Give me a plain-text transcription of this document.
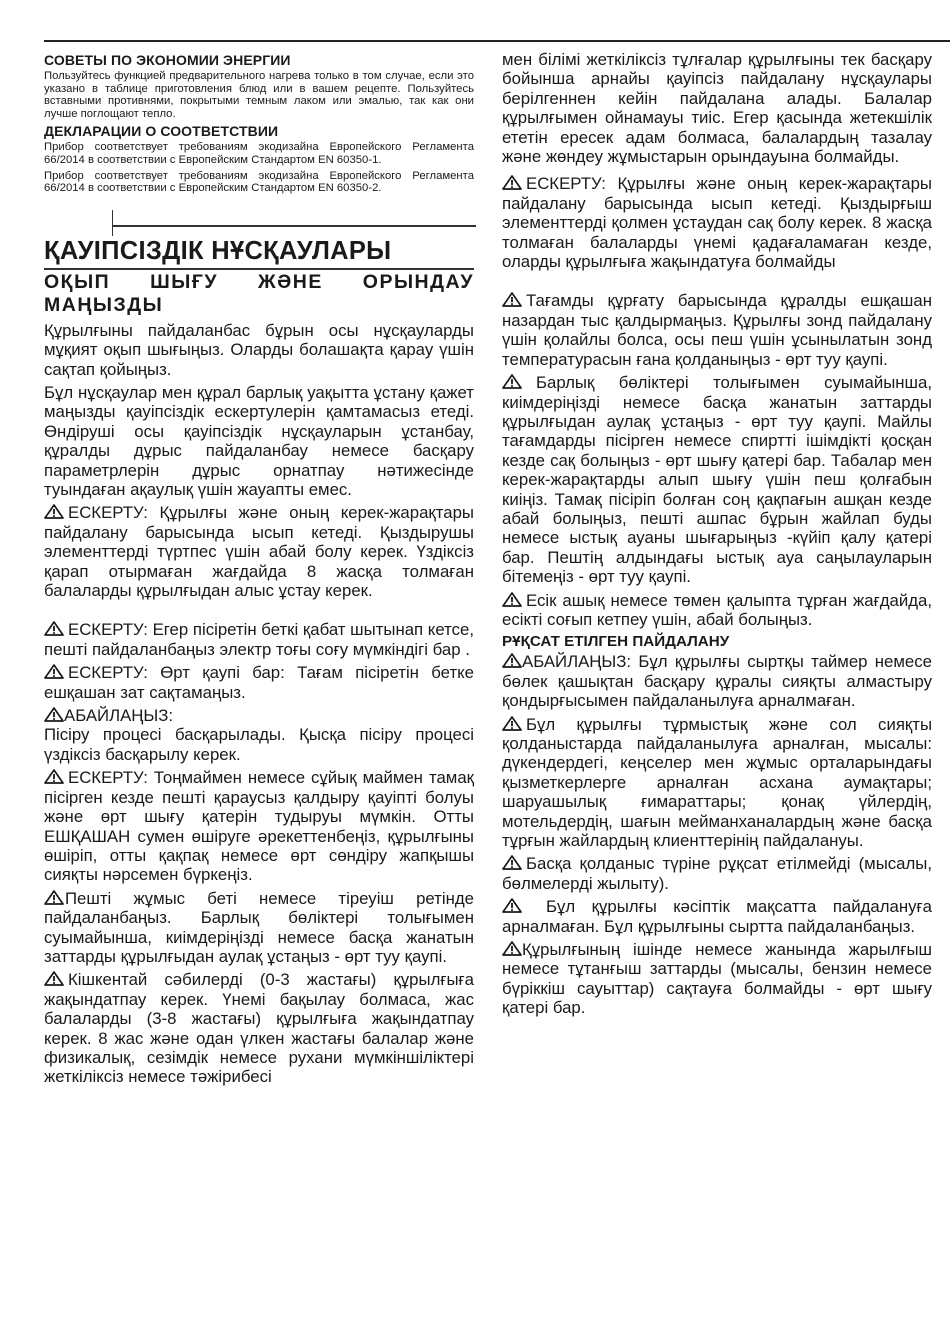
СОВЕТЫ ПО ЭКОНОМИИ ЭНЕРГИИ

Пользуйтесь функцией предварительного нагрева только в том случае, если это указано в таблице приготовления блюд или в вашем рецепте. Пользуйтесь вставными противнями, покрытыми темным лаком или эмалью, так как они лучше поглощают тепло.

ДЕКЛАРАЦИИ О СООТВЕТСТВИИ

Прибор соответствует требованиям экодизайна Европейского Регламента 66/2014 в соответствии с Европейским Стандартом EN 60350-1.

Прибор соответствует требованиям экодизайна Европейского Регламента 66/2014 в соответствии с Европейским Стандартом EN 60350-2.

ҚАУІПСІЗДІК НҰСҚАУЛАРЫ
ОҚЫП ШЫҒУ ЖӘНЕ ОРЫНДАУ МАҢЫЗДЫ

Құрылғыны пайдаланбас бұрын осы нұсқауларды мұқият оқып шығыңыз. Оларды болашақта қарау үшін сақтап қойыңыз.

Бұл нұсқаулар мен құрал барлық уақытта ұстану қажет маңызды қауіпсіздік ескертулерін қамтамасыз етеді. Өндіруші осы қауіпсіздік нұсқауларын ұстанбау, құралды дұрыс пайдаланбау немесе басқару параметрлерін дұрыс орнатпау нәтижесінде туындаған ақаулық үшін жауапты емес.

ЕСКЕРТУ: Құрылғы және оның керек-жарақтары пайдалану барысында ысып кетеді. Қыздырушы элементтерді түртпес үшін абай болу керек. Үздіксіз қарап отырмаған жағдайда 8 жасқа толмаған балаларды құрылғыдан алыс ұстау керек.

ЕСКЕРТУ: Егер пісіретін беткі қабат шытынап кетсе, пешті пайдаланбаңыз электр тоғы соғу мүмкіндігі бар .

ЕСКЕРТУ: Өрт қаупі бар: Тағам пісіретін бетке ешқашан зат сақтамаңыз.

АБАЙЛАҢЫЗ:

Пісіру процесі басқарылады. Қысқа пісіру процесі үздіксіз басқарылу керек.

ЕСКЕРТУ: Тоңмаймен немесе сұйық маймен тамақ пісірген кезде пешті қараусыз қалдыру қауіпті болуы және өрт шығу қатерін тудыруы мүмкін. Отты ЕШҚАШАН сумен өшіруге әрекеттенбеңіз, құрылғыны өшіріп, отты қақпақ немесе өрт сөндіру жапқышы сияқты нәрсемен бүркеңіз.

Пешті жұмыс беті немесе тіреуіш ретінде пайдаланбаңыз. Барлық бөліктері толығымен суымайынша, киімдеріңізді немесе басқа жанатын заттарды құрылғыдан аулақ ұстаңыз - өрт туу қаупі.

Кішкентай сәбилерді (0-3 жастағы) құрылғыға жақындатпау керек. Үнемі бақылау болмаса, жас балаларды (3-8 жастағы) құрылғыға жақындатпау керек. 8 жас және одан үлкен жастағы балалар және физикалық, сезімдік немесе рухани мүмкіншіліктері жеткіліксіз немесе тәжірибесі

мен білімі жеткіліксіз тұлғалар құрылғыны тек басқару бойынша арнайы қауіпсіз пайдалану нұсқаулары берілгеннен кейін пайдалана алады. Балалар құрылғымен ойнамауы тиіс. Егер қасында жетекшілік ететін ересек адам болмаса, балалардың тазалау және жөндеу жұмыстарын орындауына болмайды.

ЕСКЕРТУ: Құрылғы және оның керек-жарақтары пайдалану барысында ысып кетеді. Қыздырғыш элементтерді қолмен ұстаудан сақ болу керек. 8 жасқа толмаған балаларды үнемі қадағаламаған кезде, оларды құрылғыға жақындатуға болмайды

Тағамды құрғату барысында құралды ешқашан назардан тыс қалдырмаңыз. Құрылғы зонд пайдалану үшін қолайлы болса, осы пеш үшін ұсынылатын зонд температурасын ғана қолданыңыз - өрт туу қаупі.

Барлық бөліктері толығымен суымайынша, киімдеріңізді немесе басқа жанатын заттарды құрылғыдан аулақ ұстаңыз - өрт туу қаупі. Майлы тағамдарды пісірген немесе спиртті ішімдікті қосқан кезде сақ болыңыз - өрт шығу қатері бар. Табалар мен керек-жарақтарды алып шығу үшін пеш қолғабын киіңіз. Тамақ пісіріп болған соң қақпағын ашқан кезде абай болыңыз, пешті ашпас бұрын жайлап буды немесе ыстық ауаны шығарыңыз -күйіп қалу қатері бар. Пештің алдындағы ыстық ауа саңылауларын бітемеңіз - өрт туу қаупі.

Есік ашық немесе төмен қалыпта тұрған жағдайда, есікті соғып кетпеу үшін, абай болыңыз.

РҰҚСАТ ЕТІЛГЕН ПАЙДАЛАНУ

АБАЙЛАҢЫЗ: Бұл құрылғы сыртқы таймер немесе бөлек қашықтан басқару құралы сияқты алмастыру қондырғысымен пайдаланылуға арналмаған.

Бұл құрылғы тұрмыстық және сол сияқты қолданыстарда пайдаланылуға арналған, мысалы: дүкендердегі, кеңселер мен жұмыс орталарындағы қызметкерлерге арналған асхана аумақтары; шаруашылық ғимараттары; қонақ үйлердің, мотельдердің, шағын мейманханалардың және басқа тұрғын жайлардың клиенттерінің пайдалануы.

Басқа қолданыс түріне рұқсат етілмейді (мысалы, бөлмелерді жылыту).

Бұл құрылғы кәсіптік мақсатта пайдалануға арналмаған. Бұл құрылғыны сыртта пайдаланбаңыз.

Құрылғының ішінде немесе жанында жарылғыш немесе тұтанғыш заттарды (мысалы, бензин немесе бүріккіш сауыттар) сақтауға болмайды - өрт шығу қатері бар.
